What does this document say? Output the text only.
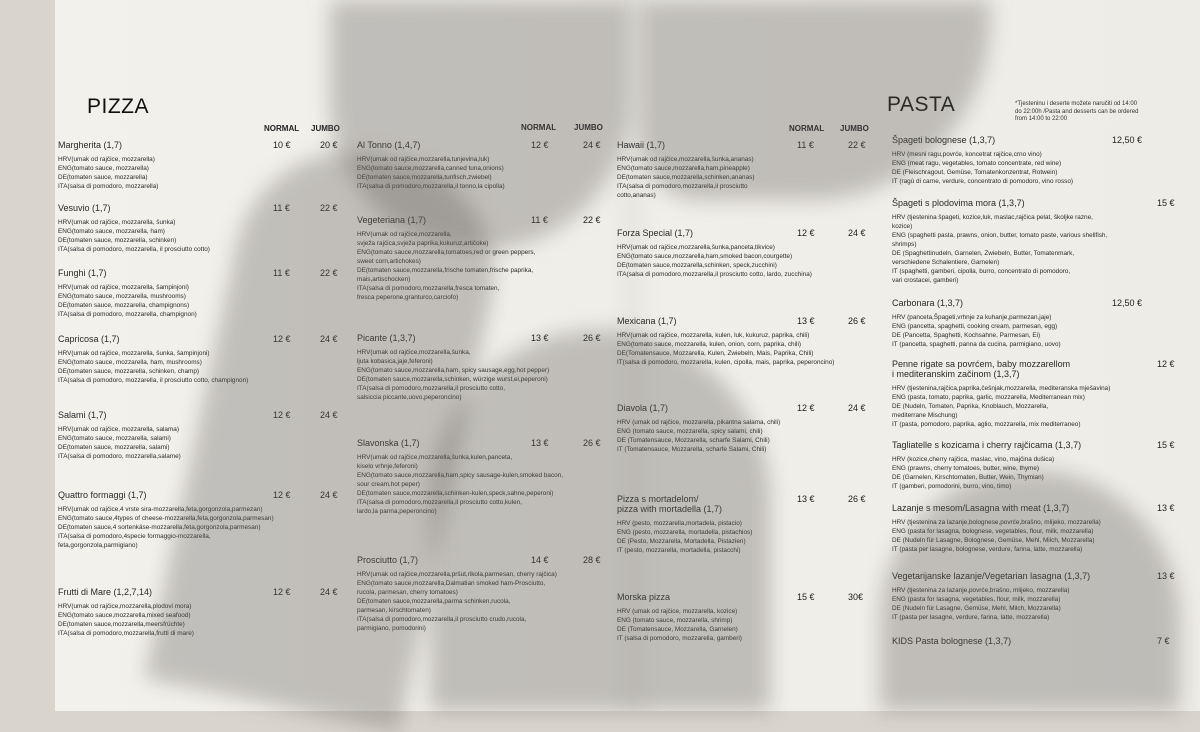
PIZZA	PASTA	*Tjesteninu i deserte možete naručiti od 14:00 do 22:00h /Pasta and desserts can be ordered from 14:00 to 22:00
NORMAL JUMBO	NORMAL JUMBO	NORMAL JUMBO
Margherita (1,7)	10 €	20 €
HRV(umak od rajčice, mozzarella)
ENG(tomato sauce, mozzarella)
DE(tomaten sauce, mozzarella)
ITA(salsa di pomodoro, mozzarella)
Vesuvio (1,7)	11 €	22 €
HRV(umak od rajčice, mozzarella, šunka)
ENG(tomato sauce, mozzarella, ham)
DE(tomaten sauce, mozzarella, schinken)
ITA(salsa di pomodoro, mozzarella, il prosciutto cotto)
Funghi (1,7)	11 €	22 €
HRV(umak od rajčice, mozzarella, šampinjoni)
ENG(tomato sauce, mozzarella, mushrooms)
DE(tomaten sauce, mozzarella, champignons)
ITA(salsa di pomodoro, mozzarella, champignon)
Capricosa (1,7)	12 €	24 €
HRV(umak od rajčice, mozzarella, šunka, šampinjoni)
ENG(tomato sauce, mozzarella, ham, mushrooms)
DE(tomaten sauce, mozzarella, schinken, champ)
ITA(salsa di pomodoro, mozzarella, il prosciutto cotto, champignon)
Salami (1,7)	12 €	24 €
HRV(umak od rajčice, mozzarella, salama)
ENG(tomato sauce, mozzarella, salami)
DE(tomaten sauce, mozzarella, salami)
ITA(salsa di pomodoro, mozzarella,salame)
Quattro formaggi (1,7)	12 €	24 €
HRV(umak od rajčice,4 vrste sira-mozzarella,feta,gorgonzola,parmezan)
ENG(tomato sauce,4types of cheese-mozzarella,feta,gorgonzola,parmesan)
DE(tomaten sauce,4 sortenkäse-mozzarella,feta,gorgonzola,parmesan)
ITA(salsa di pomodoro,4specie formaggio-mozzarella,
feta,gorgonzola,parmigiano)
Frutti di Mare (1,2,7,14)	12 €	24 €
HRV(umak od rajčice,mozzarella,plodovi mora)
ENG(tomato sauce,mozzarella,mixed seafood)
DE(tomaten sauce,mozzarella,meersfrüchte)
ITA(salsa di pomodoro,mozzarella,frutti di mare)
Al Tonno (1,4,7)	12 €	24 €
HRV(umak od rajčice,mozzarella,tunjevina,luk)
ENG(tomato sauce,mozzarella,canned tuna,onions)
DE(tomaten sauce,mozzarella,tunfisch,zwiebel)
ITA(salsa di pomodoro,mozzarella,il tonno,la cipolla)
Vegeteriana (1,7)	11 €	22 €
HRV(umak od rajčice,mozzarella,
svježa rajčica,svježa paprika,kukuruz,artičoke)
ENG(tomato sauce,mozzarella,tomatoes,red or green peppers,
sweet corn,artichokes)
DE(tomaten sauce,mozzarella,frische tomaten,frische paprika,
mais,artischocken)
ITA(salsa di pomodoro,mozzarella,fresca tomaten,
fresca peperone,granturco,carciofo)
Picante (1,3,7)	13 €	26 €
HRV(umak od rajčice,mozzarella,šunka,
ljuta kobasica,jaje,feferoni)
ENG(tomato sauce,mozzarella,ham, spicy sausage,egg,hot pepper)
DE(tomaten sauce,mozzarella,schinken, würzige wurst,ei,peperoni)
ITA(salsa di pomodoro,mozzarella,il prosciutto cotto,
salsiccia piccante,uovo,peperoncino)
Slavonska (1,7)	13 €	26 €
HRV(umak od rajčice,mozzarella,šunka,kulen,panceta,
kiselo vrhnje,feferoni)
ENG(tomato sauce,mozzarella,ham,spicy sausage-kulen,smoked bacon,
sour cream,hot peper)
DE(tomaten sauce,mozzarella,schinken-kulen,speck,sahne,peperoni)
ITA(salsa di pomodoro,mozzarella,il prosciutto cotto,kulen,
lardo,la panna,peperoncino)
Prosciutto (1,7)	14 €	28 €
HRV(umak od rajčice,mozzarella,pršut,rikola,parmesan, cherry rajčica)
ENG(tomato sauce,mozzarella,Dalmatian smoked ham-Prosciutto,
rucola, parmesan, cherry tomatoes)
DE(tomaten sauce,mozzarella,parma schinken,rucola,
parmesan, kirschtomaten)
ITA(salsa di pomodoro,mozzarella,il prosciutto crudo,rucola,
parmigiano, pomodorini)
Hawaii (1,7)	11 €	22 €
HRV(umak od rajčice,mozzarella,šunka,ananas)
ENG(tomato sauce,mozzarella,ham,pineapple)
DE(tomaten sauce,mozzarella,schinken,ananas)
ITA(salsa di pomodoro,mozzarella,il prosciutto
cotto,ananas)
Forza Special (1,7)	12 €	24 €
HRV(umak od rajčice,mozzarella,šunka,panceta,tikvice)
ENG(tomato sauce,mozzarella,ham,smoked bacon,courgette)
DE(tomaten sauce,mozzarella,schinken, speck,zucchini)
ITA(salsa di pomodoro,mozzarella,il prosciutto cotto, lardo, zucchina)
Mexicana (1,7)	13 €	26 €
HRV(umak od rajčice, mozzarella, kulen, luk, kukuruz, paprika, chili)
ENG(tomato sauce, mozzarella, kulen, onion, corn, paprika, chili)
DE(Tomatensauce, Mozzarella, Kulen, Zwiebeln, Mais, Paprika, Chili)
IT(salsa di pomodoro, mozzarella, kulen, cipolla, mais, paprika, peperoncino)
Diavola (1,7)	12 €	24 €
HRV (umak od rajčice, mozzarella, pikantna salama, chili)
ENG (tomato sauce, mozzarella, spicy salami, chili)
DE (Tomatensauce, Mozzarella, scharfe Salami, Chili)
IT (Tomatensauce, Mozzarella, scharfe Salami, Chili)
Pizza s mortadelom/
pizza with mortadella (1,7)
13 €	26 €
HRV (pesto, mozzarella,mortadela, pistacio)
ENG (pesto, mozzarella, mortadella, pistachios)
DE (Pesto, Mozzarella, Mortadella, Pistazien)
IT (pesto, mozzarella, mortadella, pistacchi)
Morska pizza	15 €	30€
HRV (umak od rajčice, mozzarella, kozice)
ENG (tomato sauce, mozzarella, shrimp)
DE (Tomatensauce, Mozzarella, Garnelen)
IT (salsa di pomodoro, mozzarella, gamberi)
Špageti bolognese (1,3,7)	12,50 €
HRV (mesni ragu,povrće, koncetrat rajčice,crno vino)
ENG (meat ragu, vegetables, tomato concentrate, red wine)
DE (Fleischragout, Gemüse, Tomatenkonzentrat, Rotwein)
IT (ragù di carne, verdure, concentrato di pomodoro, vino rosso)
Špageti s plodovima mora (1,3,7)	15 €
HRV (tjestenina špageti, kozice,luk, maslac,rajčica pelat, školjke razne,
kozice)
ENG (spaghetti pasta, prawns, onion, butter, tomato paste, various shellfish,
shrimps)
DE (Spaghettinudeln, Garnelen, Zwiebeln, Butter, Tomatenmark,
verschiedene Schalentiere, Garnelen)
IT (spaghetti, gamberi, cipolla, burro, concentrato di pomodoro,
vari crostacei, gamberi)
Carbonara (1,3,7)	12,50 €
HRV (panceta,Špageti,vrhnje za kuhanje,parmezan,jaje)
ENG (pancetta, spaghetti, cooking cream, parmesan, egg)
DE (Pancetta, Spaghetti, Kochsahne, Parmesan, Ei)
IT (pancetta, spaghetti, panna da cucina, parmigiano, uovo)
Penne rigate sa povrćem, baby mozzarellom
i mediteranskim začinom (1,3,7)
12 €
HRV (tjestenina,rajčica,paprika,češnjak,mozzarella, mediteranska mješavina)
ENG (pasta, tomato, paprika, garlic, mozzarella, Mediterranean mix)
DE (Nudeln, Tomaten, Paprika, Knoblauch, Mozzarella,
mediterrane Mischung)
IT (pasta, pomodoro, paprika, aglio, mozzarella, mix mediterraneo)
Tagliatelle s kozicama i cherry rajčicama (1,3,7)	15 €
HRV (kozice,cherry rajčica, maslac, vino, majčina dušica)
ENG (prawns, cherry tomatoes, butter, wine, thyme)
DE (Garnelen, Kirschtomaten, Butter, Wein, Thymian)
IT (gamberi, pomodorini, burro, vino, timo)
Lazanje s mesom/Lasagna with meat (1,3,7)	13 €
HRV (tjestenina za lazanje,bolognese,povrće,brašno, mlijeko, mozzarella)
ENG (pasta for lasagna, bolognese, vegetables, flour, milk, mozzarella)
DE (Nudeln für Lasagne, Bolognese, Gemüse, Mehl, Milch, Mozzarella)
IT (pasta per lasagne, bolognese, verdure, farina, latte, mozzarella)
Vegetarijanske lazanje/Vegetarian lasagna (1,3,7)	13 €
HRV (tjestenina za lazanje,povrće,brašno, mlijeko, mozzarella)
ENG (pasta for lasagna, vegetables, flour, milk, mozzarella)
DE (Nudeln für Lasagne, Gemüse, Mehl, Milch, Mozzarella)
IT (pasta per lasagne, verdure, farina, latte, mozzarella)
KIDS Pasta bolognese (1,3,7)	7 €
